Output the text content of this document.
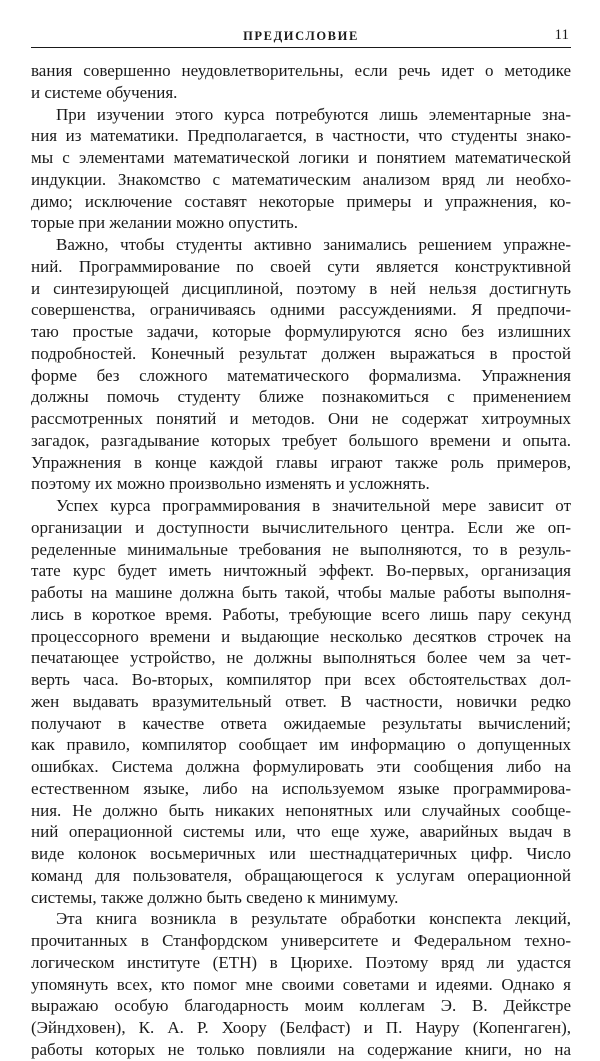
ПРЕДИСЛОВИЕ	11
вания совершенно неудовлетворительны, если речь идет о методике
и системе обучения.
При изучении этого курса потребуются лишь элементарные зна-
ния из математики. Предполагается, в частности, что студенты знако-
мы с элементами математической логики и понятием математической
индукции. Знакомство с математическим анализом вряд ли необхо-
димо; исключение составят некоторые примеры и упражнения, ко-
торые при желании можно опустить.
Важно, чтобы студенты активно занимались решением упражне-
ний. Программирование по своей сути является конструктивной
и синтезирующей дисциплиной, поэтому в ней нельзя достигнуть
совершенства, ограничиваясь одними рассуждениями. Я предпочи-
таю простые задачи, которые формулируются ясно без излишних
подробностей. Конечный результат должен выражаться в простой
форме без сложного математического формализма. Упражнения
должны помочь студенту ближе познакомиться с применением
рассмотренных понятий и методов. Они не содержат хитроумных
загадок, разгадывание которых требует большого времени и опыта.
Упражнения в конце каждой главы играют также роль примеров,
поэтому их можно произвольно изменять и усложнять.
Успех курса программирования в значительной мере зависит от
организации и доступности вычислительного центра. Если же оп-
ределенные минимальные требования не выполняются, то в резуль-
тате курс будет иметь ничтожный эффект. Во-первых, организация
работы на машине должна быть такой, чтобы малые работы выполня-
лись в короткое время. Работы, требующие всего лишь пару секунд
процессорного времени и выдающие несколько десятков строчек на
печатающее устройство, не должны выполняться более чем за чет-
верть часа. Во-вторых, компилятор при всех обстоятельствах дол-
жен выдавать вразумительный ответ. В частности, новички редко
получают в качестве ответа ожидаемые результаты вычислений;
как правило, компилятор сообщает им информацию о допущенных
ошибках. Система должна формулировать эти сообщения либо на
естественном языке, либо на используемом языке программирова-
ния. Не должно быть никаких непонятных или случайных сообще-
ний операционной системы или, что еще хуже, аварийных выдач в
виде колонок восьмеричных или шестнадцатеричных цифр. Число
команд для пользователя, обращающегося к услугам операционной
системы, также должно быть сведено к минимуму.
Эта книга возникла в результате обработки конспекта лекций,
прочитанных в Станфордском университете и Федеральном техно-
логическом институте (ЕТН) в Цюрихе. Поэтому вряд ли удастся
упомянуть всех, кто помог мне своими советами и идеями. Однако я
выражаю особую благодарность моим коллегам Э. В. Дейкстре
(Эйндховен), К. А. Р. Хоору (Белфаст) и П. Науру (Копенгаген),
работы которых не только повлияли на содержание книги, но на
